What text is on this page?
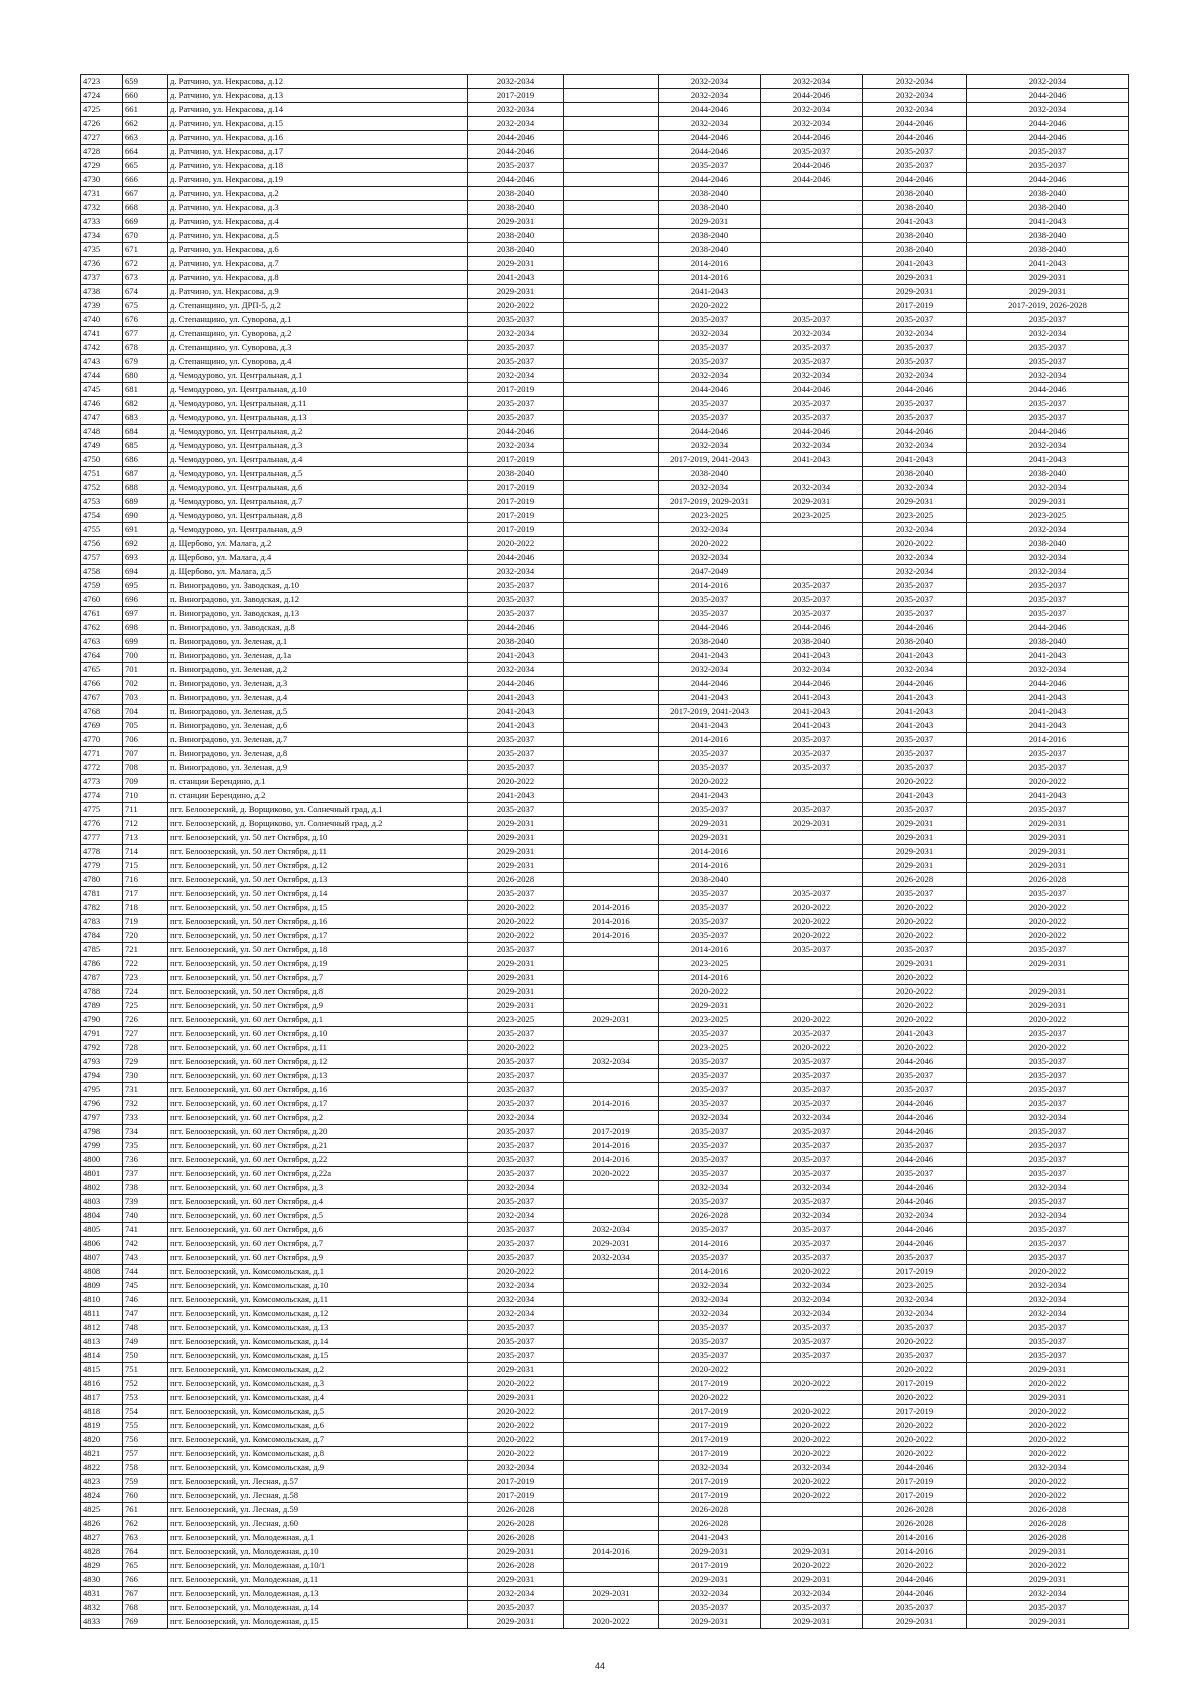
4723	659	д. Ратчино, ул. Некрасова, д.12	2032-2034		2032-2034	2032-2034	2032-2034	2032-2034
4724	660	д. Ратчино, ул. Некрасова, д.13	2017-2019		2032-2034	2044-2046	2032-2034	2044-2046
4725	661	д. Ратчино, ул. Некрасова, д.14	2032-2034		2044-2046	2032-2034	2032-2034	2032-2034
4726	662	д. Ратчино, ул. Некрасова, д.15	2032-2034		2032-2034	2032-2034	2044-2046	2044-2046
4727	663	д. Ратчино, ул. Некрасова, д.16	2044-2046		2044-2046	2044-2046	2044-2046	2044-2046
4728	664	д. Ратчино, ул. Некрасова, д.17	2044-2046		2044-2046	2035-2037	2035-2037	2035-2037
4729	665	д. Ратчино, ул. Некрасова, д.18	2035-2037		2035-2037	2044-2046	2035-2037	2035-2037
4730	666	д. Ратчино, ул. Некрасова, д.19	2044-2046		2044-2046	2044-2046	2044-2046	2044-2046
4731	667	д. Ратчино, ул. Некрасова, д.2	2038-2040		2038-2040		2038-2040	2038-2040
4732	668	д. Ратчино, ул. Некрасова, д.3	2038-2040		2038-2040		2038-2040	2038-2040
4733	669	д. Ратчино, ул. Некрасова, д.4	2029-2031		2029-2031		2041-2043	2041-2043
4734	670	д. Ратчино, ул. Некрасова, д.5	2038-2040		2038-2040		2038-2040	2038-2040
4735	671	д. Ратчино, ул. Некрасова, д.6	2038-2040		2038-2040		2038-2040	2038-2040
4736	672	д. Ратчино, ул. Некрасова, д.7	2029-2031		2014-2016		2041-2043	2041-2043
4737	673	д. Ратчино, ул. Некрасова, д.8	2041-2043		2014-2016		2029-2031	2029-2031
4738	674	д. Ратчино, ул. Некрасова, д.9	2029-2031		2041-2043		2029-2031	2029-2031
4739	675	д. Степанщино, ул. ДРП-5, д.2	2020-2022		2020-2022		2017-2019	2017-2019, 2026-2028
4740	676	д. Степанщино, ул. Суворова, д.1	2035-2037		2035-2037	2035-2037	2035-2037	2035-2037
4741	677	д. Степанщино, ул. Суворова, д.2	2032-2034		2032-2034	2032-2034	2032-2034	2032-2034
4742	678	д. Степанщино, ул. Суворова, д.3	2035-2037		2035-2037	2035-2037	2035-2037	2035-2037
4743	679	д. Степанщино, ул. Суворова, д.4	2035-2037		2035-2037	2035-2037	2035-2037	2035-2037
4744	680	д. Чемодурово, ул. Центральная, д.1	2032-2034		2032-2034	2032-2034	2032-2034	2032-2034
4745	681	д. Чемодурово, ул. Центральная, д.10	2017-2019		2044-2046	2044-2046	2044-2046	2044-2046
4746	682	д. Чемодурово, ул. Центральная, д.11	2035-2037		2035-2037	2035-2037	2035-2037	2035-2037
4747	683	д. Чемодурово, ул. Центральная, д.13	2035-2037		2035-2037	2035-2037	2035-2037	2035-2037
4748	684	д. Чемодурово, ул. Центральная, д.2	2044-2046		2044-2046	2044-2046	2044-2046	2044-2046
4749	685	д. Чемодурово, ул. Центральная, д.3	2032-2034		2032-2034	2032-2034	2032-2034	2032-2034
4750	686	д. Чемодурово, ул. Центральная, д.4	2017-2019		2017-2019, 2041-2043	2041-2043	2041-2043	2041-2043
4751	687	д. Чемодурово, ул. Центральная, д.5	2038-2040		2038-2040		2038-2040	2038-2040
4752	688	д. Чемодурово, ул. Центральная, д.6	2017-2019		2032-2034	2032-2034	2032-2034	2032-2034
4753	689	д. Чемодурово, ул. Центральная, д.7	2017-2019		2017-2019, 2029-2031	2029-2031	2029-2031	2029-2031
4754	690	д. Чемодурово, ул. Центральная, д.8	2017-2019		2023-2025	2023-2025	2023-2025	2023-2025
4755	691	д. Чемодурово, ул. Центральная, д.9	2017-2019		2032-2034		2032-2034	2032-2034
4756	692	д. Щербово, ул. Малага, д.2	2020-2022		2020-2022		2020-2022	2038-2040
4757	693	д. Щербово, ул. Малага, д.4	2044-2046		2032-2034		2032-2034	2032-2034
4758	694	д. Щербово, ул. Малага, д.5	2032-2034		2047-2049		2032-2034	2032-2034
4759	695	п. Виноградово, ул. Заводская, д.10	2035-2037		2014-2016	2035-2037	2035-2037	2035-2037
4760	696	п. Виноградово, ул. Заводская, д.12	2035-2037		2035-2037	2035-2037	2035-2037	2035-2037
4761	697	п. Виноградово, ул. Заводская, д.13	2035-2037		2035-2037	2035-2037	2035-2037	2035-2037
4762	698	п. Виноградово, ул. Заводская, д.8	2044-2046		2044-2046	2044-2046	2044-2046	2044-2046
4763	699	п. Виноградово, ул. Зеленая, д.1	2038-2040		2038-2040	2038-2040	2038-2040	2038-2040
4764	700	п. Виноградово, ул. Зеленая, д.1а	2041-2043		2041-2043	2041-2043	2041-2043	2041-2043
4765	701	п. Виноградово, ул. Зеленая, д.2	2032-2034		2032-2034	2032-2034	2032-2034	2032-2034
4766	702	п. Виноградово, ул. Зеленая, д.3	2044-2046		2044-2046	2044-2046	2044-2046	2044-2046
4767	703	п. Виноградово, ул. Зеленая, д.4	2041-2043		2041-2043	2041-2043	2041-2043	2041-2043
4768	704	п. Виноградово, ул. Зеленая, д.5	2041-2043		2017-2019, 2041-2043	2041-2043	2041-2043	2041-2043
4769	705	п. Виноградово, ул. Зеленая, д.6	2041-2043		2041-2043	2041-2043	2041-2043	2041-2043
4770	706	п. Виноградово, ул. Зеленая, д.7	2035-2037		2014-2016	2035-2037	2035-2037	2014-2016
4771	707	п. Виноградово, ул. Зеленая, д.8	2035-2037		2035-2037	2035-2037	2035-2037	2035-2037
4772	708	п. Виноградово, ул. Зеленая, д.9	2035-2037		2035-2037	2035-2037	2035-2037	2035-2037
4773	709	п. станции Берендино, д.1	2020-2022		2020-2022		2020-2022	2020-2022
4774	710	п. станции Берендино, д.2	2041-2043		2041-2043		2041-2043	2041-2043
4775	711	пгт. Белоозерский, д. Ворщиково, ул. Солнечный град, д.1	2035-2037		2035-2037	2035-2037	2035-2037	2035-2037
4776	712	пгт. Белоозерский, д. Ворщиково, ул. Солнечный град, д.2	2029-2031		2029-2031	2029-2031	2029-2031	2029-2031
4777	713	пгт. Белоозерский, ул. 50 лет Октября, д.10	2029-2031		2029-2031		2029-2031	2029-2031
4778	714	пгт. Белоозерский, ул. 50 лет Октября, д.11	2029-2031		2014-2016		2029-2031	2029-2031
4779	715	пгт. Белоозерский, ул. 50 лет Октября, д.12	2029-2031		2014-2016		2029-2031	2029-2031
4780	716	пгт. Белоозерский, ул. 50 лет Октября, д.13	2026-2028		2038-2040		2026-2028	2026-2028
4781	717	пгт. Белоозерский, ул. 50 лет Октября, д.14	2035-2037		2035-2037	2035-2037	2035-2037	2035-2037
4782	718	пгт. Белоозерский, ул. 50 лет Октября, д.15	2020-2022	2014-2016	2035-2037	2020-2022	2020-2022	2020-2022
4783	719	пгт. Белоозерский, ул. 50 лет Октября, д.16	2020-2022	2014-2016	2035-2037	2020-2022	2020-2022	2020-2022
4784	720	пгт. Белоозерский, ул. 50 лет Октября, д.17	2020-2022	2014-2016	2035-2037	2020-2022	2020-2022	2020-2022
4785	721	пгт. Белоозерский, ул. 50 лет Октября, д.18	2035-2037		2014-2016	2035-2037	2035-2037	2035-2037
4786	722	пгт. Белоозерский, ул. 50 лет Октября, д.19	2029-2031		2023-2025		2029-2031	2029-2031
4787	723	пгт. Белоозерский, ул. 50 лет Октября, д.7	2029-2031		2014-2016		2020-2022	
4788	724	пгт. Белоозерский, ул. 50 лет Октября, д.8	2029-2031		2020-2022		2020-2022	2029-2031
4789	725	пгт. Белоозерский, ул. 50 лет Октября, д.9	2029-2031		2029-2031		2020-2022	2029-2031
4790	726	пгт. Белоозерский, ул. 60 лет Октября, д.1	2023-2025	2029-2031	2023-2025	2020-2022	2020-2022	2020-2022
4791	727	пгт. Белоозерский, ул. 60 лет Октября, д.10	2035-2037		2035-2037	2035-2037	2041-2043	2035-2037
4792	728	пгт. Белоозерский, ул. 60 лет Октября, д.11	2020-2022		2023-2025	2020-2022	2020-2022	2020-2022
4793	729	пгт. Белоозерский, ул. 60 лет Октября, д.12	2035-2037	2032-2034	2035-2037	2035-2037	2044-2046	2035-2037
4794	730	пгт. Белоозерский, ул. 60 лет Октября, д.13	2035-2037		2035-2037	2035-2037	2035-2037	2035-2037
4795	731	пгт. Белоозерский, ул. 60 лет Октября, д.16	2035-2037		2035-2037	2035-2037	2035-2037	2035-2037
4796	732	пгт. Белоозерский, ул. 60 лет Октября, д.17	2035-2037	2014-2016	2035-2037	2035-2037	2044-2046	2035-2037
4797	733	пгт. Белоозерский, ул. 60 лет Октября, д.2	2032-2034		2032-2034	2032-2034	2044-2046	2032-2034
4798	734	пгт. Белоозерский, ул. 60 лет Октября, д.20	2035-2037	2017-2019	2035-2037	2035-2037	2044-2046	2035-2037
4799	735	пгт. Белоозерский, ул. 60 лет Октября, д.21	2035-2037	2014-2016	2035-2037	2035-2037	2035-2037	2035-2037
4800	736	пгт. Белоозерский, ул. 60 лет Октября, д.22	2035-2037	2014-2016	2035-2037	2035-2037	2044-2046	2035-2037
4801	737	пгт. Белоозерский, ул. 60 лет Октября, д.22а	2035-2037	2020-2022	2035-2037	2035-2037	2035-2037	2035-2037
4802	738	пгт. Белоозерский, ул. 60 лет Октября, д.3	2032-2034		2032-2034	2032-2034	2044-2046	2032-2034
4803	739	пгт. Белоозерский, ул. 60 лет Октября, д.4	2035-2037		2035-2037	2035-2037	2044-2046	2035-2037
4804	740	пгт. Белоозерский, ул. 60 лет Октября, д.5	2032-2034		2026-2028	2032-2034	2032-2034	2032-2034
4805	741	пгт. Белоозерский, ул. 60 лет Октября, д.6	2035-2037	2032-2034	2035-2037	2035-2037	2044-2046	2035-2037
4806	742	пгт. Белоозерский, ул. 60 лет Октября, д.7	2035-2037	2029-2031	2014-2016	2035-2037	2044-2046	2035-2037
4807	743	пгт. Белоозерский, ул. 60 лет Октября, д.9	2035-2037	2032-2034	2035-2037	2035-2037	2035-2037	2035-2037
4808	744	пгт. Белоозерский, ул. Комсомольская, д.1	2020-2022		2014-2016	2020-2022	2017-2019	2020-2022
4809	745	пгт. Белоозерский, ул. Комсомольская, д.10	2032-2034		2032-2034	2032-2034	2023-2025	2032-2034
4810	746	пгт. Белоозерский, ул. Комсомольская, д.11	2032-2034		2032-2034	2032-2034	2032-2034	2032-2034
4811	747	пгт. Белоозерский, ул. Комсомольская, д.12	2032-2034		2032-2034	2032-2034	2032-2034	2032-2034
4812	748	пгт. Белоозерский, ул. Комсомольская, д.13	2035-2037		2035-2037	2035-2037	2035-2037	2035-2037
4813	749	пгт. Белоозерский, ул. Комсомольская, д.14	2035-2037		2035-2037	2035-2037	2020-2022	2035-2037
4814	750	пгт. Белоозерский, ул. Комсомольская, д.15	2035-2037		2035-2037	2035-2037	2035-2037	2035-2037
4815	751	пгт. Белоозерский, ул. Комсомольская, д.2	2029-2031		2020-2022		2020-2022	2029-2031
4816	752	пгт. Белоозерский, ул. Комсомольская, д.3	2020-2022		2017-2019	2020-2022	2017-2019	2020-2022
4817	753	пгт. Белоозерский, ул. Комсомольская, д.4	2029-2031		2020-2022		2020-2022	2029-2031
4818	754	пгт. Белоозерский, ул. Комсомольская, д.5	2020-2022		2017-2019	2020-2022	2017-2019	2020-2022
4819	755	пгт. Белоозерский, ул. Комсомольская, д.6	2020-2022		2017-2019	2020-2022	2020-2022	2020-2022
4820	756	пгт. Белоозерский, ул. Комсомольская, д.7	2020-2022		2017-2019	2020-2022	2020-2022	2020-2022
4821	757	пгт. Белоозерский, ул. Комсомольская, д.8	2020-2022		2017-2019	2020-2022	2020-2022	2020-2022
4822	758	пгт. Белоозерский, ул. Комсомольская, д.9	2032-2034		2032-2034	2032-2034	2044-2046	2032-2034
4823	759	пгт. Белоозерский, ул. Лесная, д.57	2017-2019		2017-2019	2020-2022	2017-2019	2020-2022
4824	760	пгт. Белоозерский, ул. Лесная, д.58	2017-2019		2017-2019	2020-2022	2017-2019	2020-2022
4825	761	пгт. Белоозерский, ул. Лесная, д.59	2026-2028		2026-2028		2026-2028	2026-2028
4826	762	пгт. Белоозерский, ул. Лесная, д.60	2026-2028		2026-2028		2026-2028	2026-2028
4827	763	пгт. Белоозерский, ул. Молодежная, д.1	2026-2028		2041-2043		2014-2016	2026-2028
4828	764	пгт. Белоозерский, ул. Молодежная, д.10	2029-2031	2014-2016	2029-2031	2029-2031	2014-2016	2029-2031
4829	765	пгт. Белоозерский, ул. Молодежная, д.10/1	2026-2028		2017-2019	2020-2022	2020-2022	2020-2022
4830	766	пгт. Белоозерский, ул. Молодежная, д.11	2029-2031		2029-2031	2029-2031	2044-2046	2029-2031
4831	767	пгт. Белоозерский, ул. Молодежная, д.13	2032-2034	2029-2031	2032-2034	2032-2034	2044-2046	2032-2034
4832	768	пгт. Белоозерский, ул. Молодежная, д.14	2035-2037		2035-2037	2035-2037	2035-2037	2035-2037
4833	769	пгт. Белоозерский, ул. Молодежная, д.15	2029-2031	2020-2022	2029-2031	2029-2031	2029-2031	2029-2031
44
